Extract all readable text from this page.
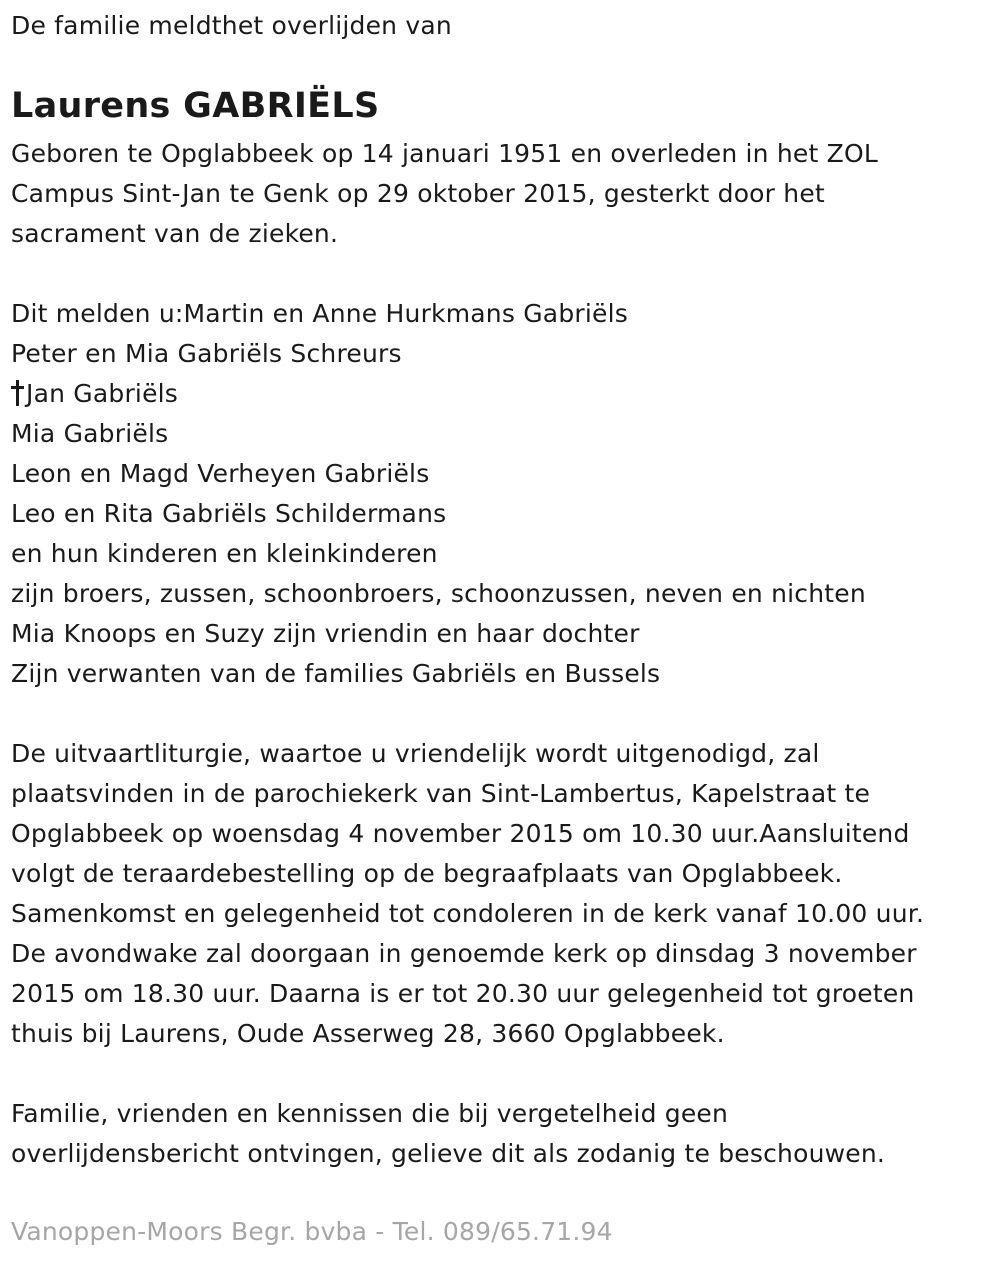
De familie meldthet overlijden van
Laurens GABRIËLS
Geboren te Opglabbeek op 14 januari 1951 en overleden in het ZOL
Campus Sint-Jan te Genk op 29 oktober 2015, gesterkt door het
sacrament van de zieken.
Dit melden u:Martin en Anne Hurkmans Gabriëls
Peter en Mia Gabriëls Schreurs
Jan Gabriëls
Mia Gabriëls
Leon en Magd Verheyen Gabriëls
Leo en Rita Gabriëls Schildermans
en hun kinderen en kleinkinderen
zijn broers, zussen, schoonbroers, schoonzussen, neven en nichten
Mia Knoops en Suzy zijn vriendin en haar dochter
Zijn verwanten van de families Gabriëls en Bussels
De uitvaartliturgie, waartoe u vriendelijk wordt uitgenodigd, zal
plaatsvinden in de parochiekerk van Sint-Lambertus, Kapelstraat te
Opglabbeek op woensdag 4 november 2015 om 10.30 uur.Aansluitend
volgt de teraardebestelling op de begraafplaats van Opglabbeek.
Samenkomst en gelegenheid tot condoleren in de kerk vanaf 10.00 uur.
De avondwake zal doorgaan in genoemde kerk op dinsdag 3 november
2015 om 18.30 uur. Daarna is er tot 20.30 uur gelegenheid tot groeten
thuis bij Laurens, Oude Asserweg 28, 3660 Opglabbeek.
Familie, vrienden en kennissen die bij vergetelheid geen
overlijdensbericht ontvingen, gelieve dit als zodanig te beschouwen.
Vanoppen-Moors Begr. bvba - Tel. 089/65.71.94
